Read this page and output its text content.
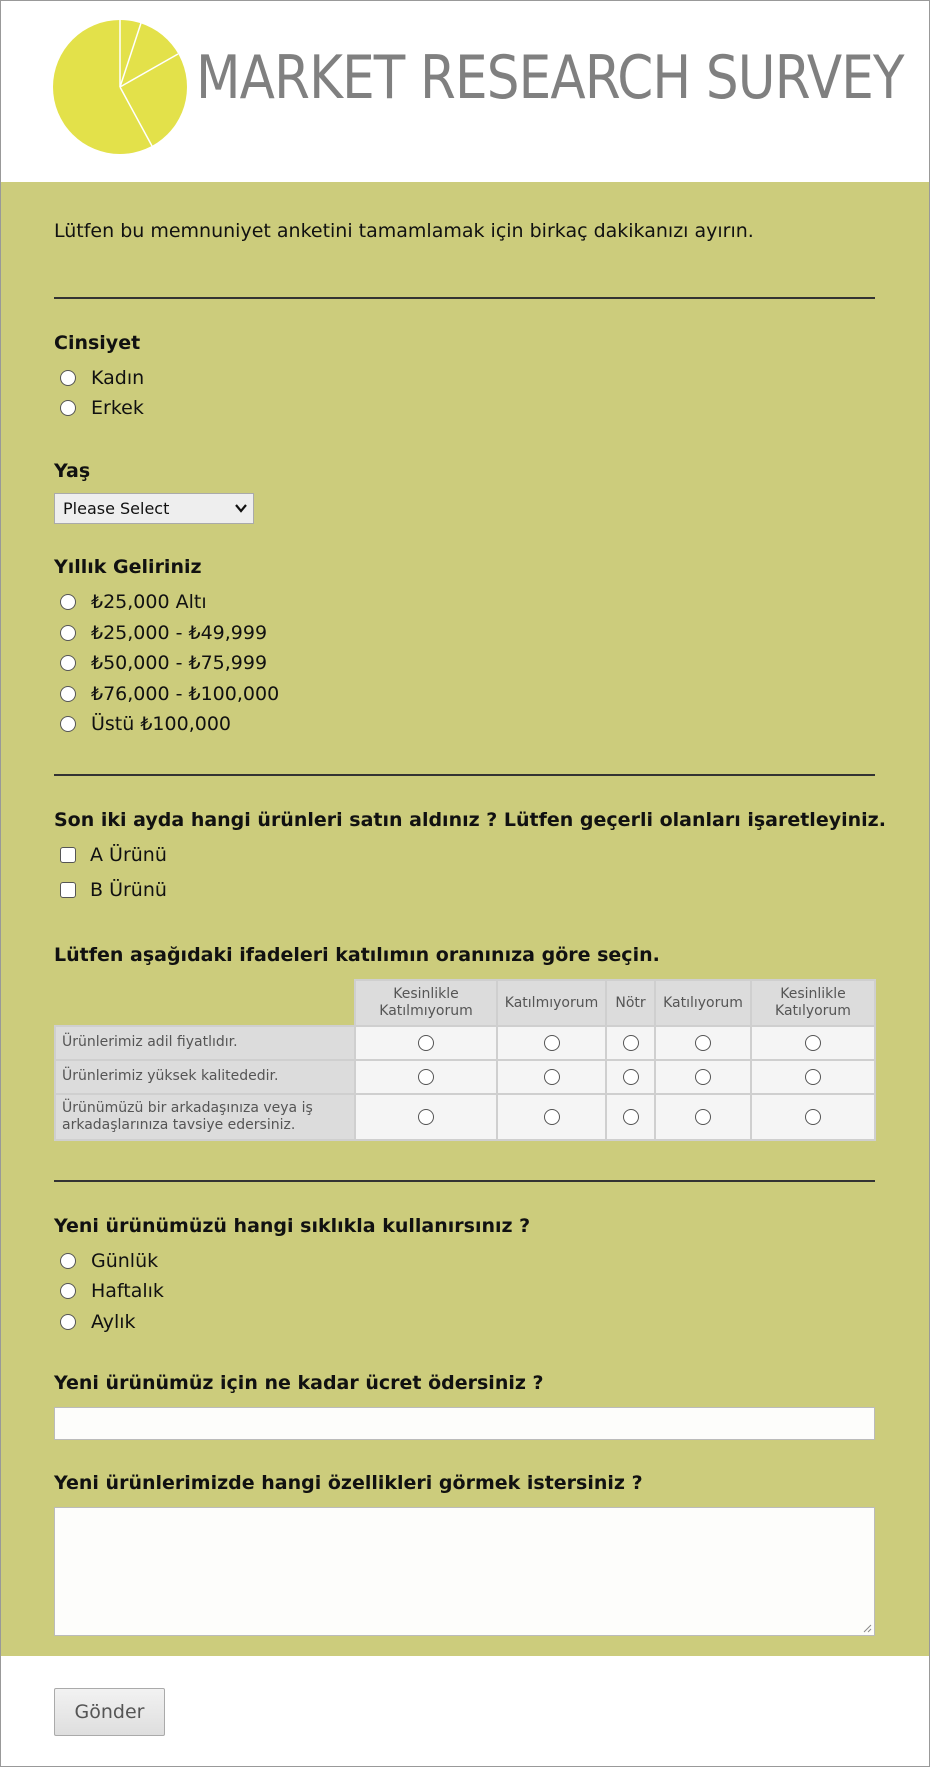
MARKET RESEARCH SURVEY
Lütfen bu memnuniyet anketini tamamlamak için birkaç dakikanızı ayırın.
Cinsiyet
Kadın
Erkek
Yaş
Please Select
Yıllık Geliriniz
₺25,000 Altı
₺25,000 - ₺49,999
₺50,000 - ₺75,999
₺76,000 - ₺100,000
Üstü ₺100,000
Son iki ayda hangi ürünleri satın aldınız ? Lütfen geçerli olanları işaretleyiniz.
A Ürünü
B Ürünü
Lütfen aşağıdaki ifadeleri katılımın oranınıza göre seçin.
	Kesinlikle Katılmıyorum	Katılmıyorum	Nötr	Katılıyorum	Kesinlikle Katılyorum
Ürünlerimiz adil fiyatlıdır.					
Ürünlerimiz yüksek kalitededir.					
Ürünümüzü bir arkadaşınıza veya iş arkadaşlarınıza tavsiye edersiniz.					
Yeni ürünümüzü hangi sıklıkla kullanırsınız ?
Günlük
Haftalık
Aylık
Yeni ürünümüz için ne kadar ücret ödersiniz ?
Yeni ürünlerimizde hangi özellikleri görmek istersiniz ?
Gönder
